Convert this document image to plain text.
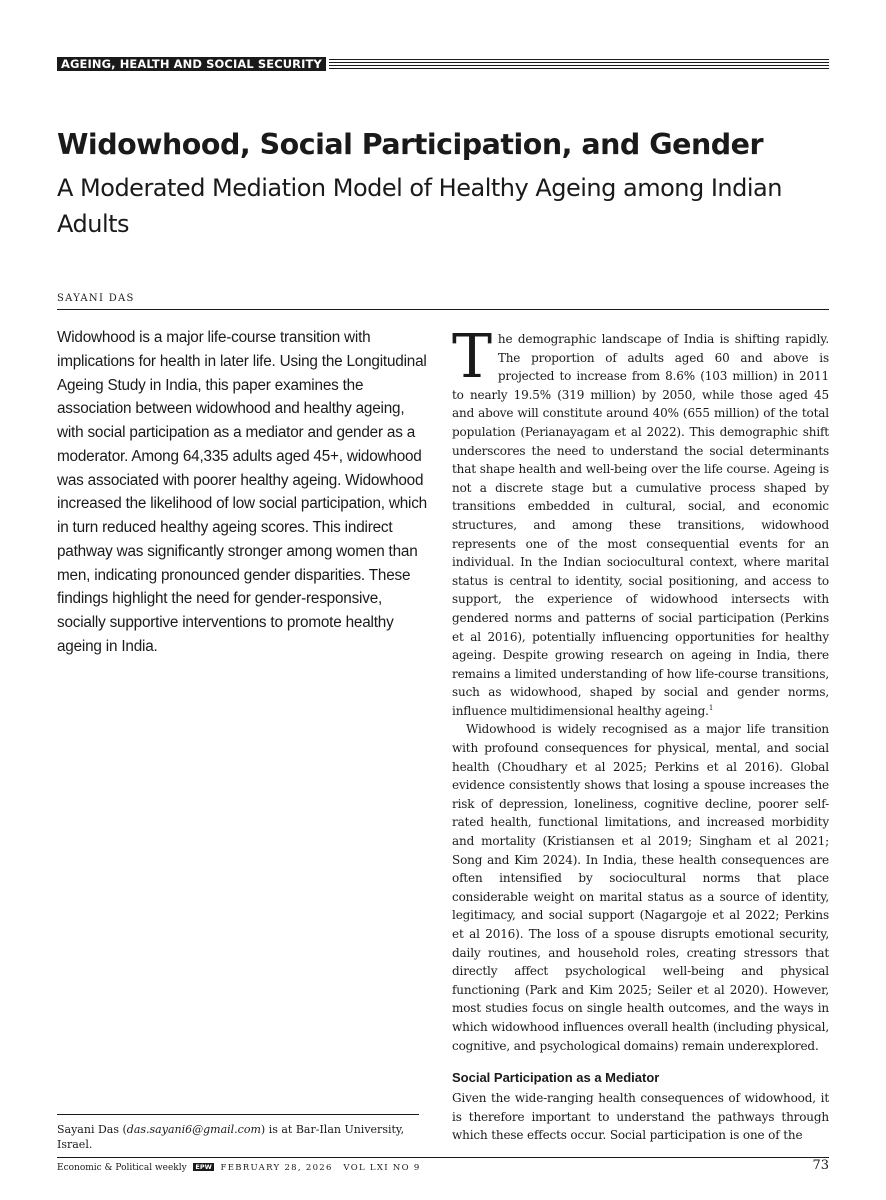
AGEING, HEALTH AND SOCIAL SECURITY
Widowhood, Social Participation, and Gender
A Moderated Mediation Model of Healthy Ageing among Indian Adults
SAYANI DAS

Widowhood is a major life-course transition with implications for health in later life. Using the Longitudinal Ageing Study in India, this paper examines the association between widowhood and healthy ageing, with social participation as a mediator and gender as a moderator. Among 64,335 adults aged 45+, widowhood was associated with poorer healthy ageing. Widowhood increased the likelihood of low social participation, which in turn reduced healthy ageing scores. This indirect pathway was significantly stronger among women than men, indicating pronounced gender disparities. These findings highlight the need for gender-responsive, socially supportive interventions to promote healthy ageing in India.

The demographic landscape of India is shifting rapidly. The proportion of adults aged 60 and above is projected to increase from 8.6% (103 million) in 2011 to nearly 19.5% (319 million) by 2050, while those aged 45 and above will constitute around 40% (655 million) of the total population (Perianayagam et al 2022). This demographic shift underscores the need to understand the social determinants that shape health and well-being over the life course. Ageing is not a discrete stage but a cumulative process shaped by transitions embedded in cultural, social, and economic structures, and among these transitions, widowhood represents one of the most consequential events for an individual. In the Indian sociocultural context, where marital status is central to identity, social positioning, and access to support, the experience of widowhood intersects with gendered norms and patterns of social participation (Perkins et al 2016), potentially influencing opportunities for healthy ageing. Despite growing research on ageing in India, there remains a limited understanding of how life-course transitions, such as widowhood, shaped by social and gender norms, influence multidimensional healthy ageing.$^1$

Widowhood is widely recognised as a major life transition with profound consequences for physical, mental, and social health (Choudhary et al 2025; Perkins et al 2016). Global evidence consistently shows that losing a spouse increases the risk of depression, loneliness, cognitive decline, poorer self-rated health, functional limitations, and increased morbidity and mortality (Kristiansen et al 2019; Singham et al 2021; Song and Kim 2024). In India, these health consequences are often intensified by sociocultural norms that place considerable weight on marital status as a source of identity, legitimacy, and social support (Nagargoje et al 2022; Perkins et al 2016). The loss of a spouse disrupts emotional security, daily routines, and household roles, creating stressors that directly affect psychological well-being and physical functioning (Park and Kim 2025; Seiler et al 2020). However, most studies focus on single health outcomes, and the ways in which widowhood influences overall health (including physical, cognitive, and psychological domains) remain underexplored.

Social Participation as a Mediator

Given the wide-ranging health consequences of widowhood, it is therefore important to understand the pathways through which these effects occur. Social participation is one of the

Sayani Das (das.sayani6@gmail.com) is at Bar-Ilan University, Israel.
Economic & Political weekly EPW FEBRUARY 28, 2026 VOL LXI NO 9	73
